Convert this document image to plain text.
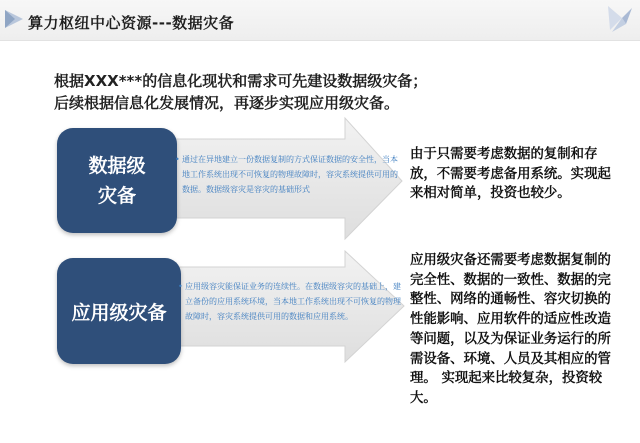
算力枢纽中心资源---数据灾备
根据XXX***的信息化现状和需求可先建设数据级灾备；
后续根据信息化发展情况，再逐步实现应用级灾备。
数据级
灾备
• 通过在异地建立一份数据复制的方式保证数据的安全性，当本地工作系统出现不可恢复的物理故障时，容灾系统提供可用的数据。数据级容灾是容灾的基础形式
由于只需要考虑数据的复制和存放，不需要考虑备用系统。实现起来相对简单，投资也较少。
应用级灾备
• 应用级容灾能保证业务的连续性。在数据级容灾的基础上，建立备份的应用系统环境，当本地工作系统出现不可恢复的物理故障时，容灾系统提供可用的数据和应用系统。
应用级灾备还需要考虑数据复制的完全性、数据的一致性、数据的完整性、网络的通畅性、容灾切换的性能影响、应用软件的适应性改造等问题，以及为保证业务运行的所需设备、环境、人员及其相应的管理。 实现起来比较复杂，投资较大。
